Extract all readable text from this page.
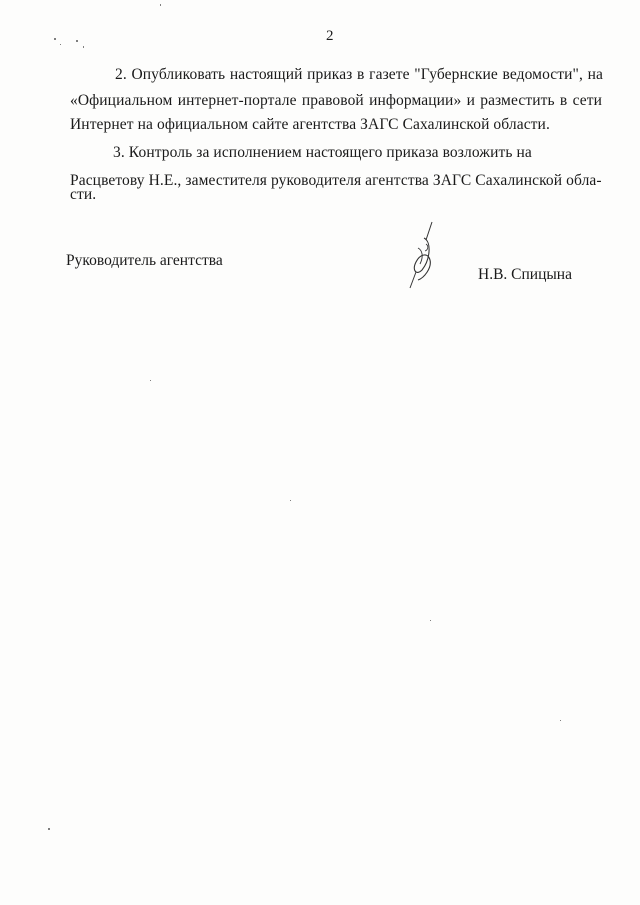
2
2. Опубликовать настоящий приказ в газете "Губернские ведомости", на
«Официальном интернет-портале правовой информации» и разместить в сети
Интернет на официальном сайте агентства ЗАГС Сахалинской области.
3. Контроль за исполнением настоящего приказа возложить на
Расцветову Н.Е., заместителя руководителя агентства ЗАГС Сахалинской обла-
сти.
Руководитель агентства
Н.В. Спицына
